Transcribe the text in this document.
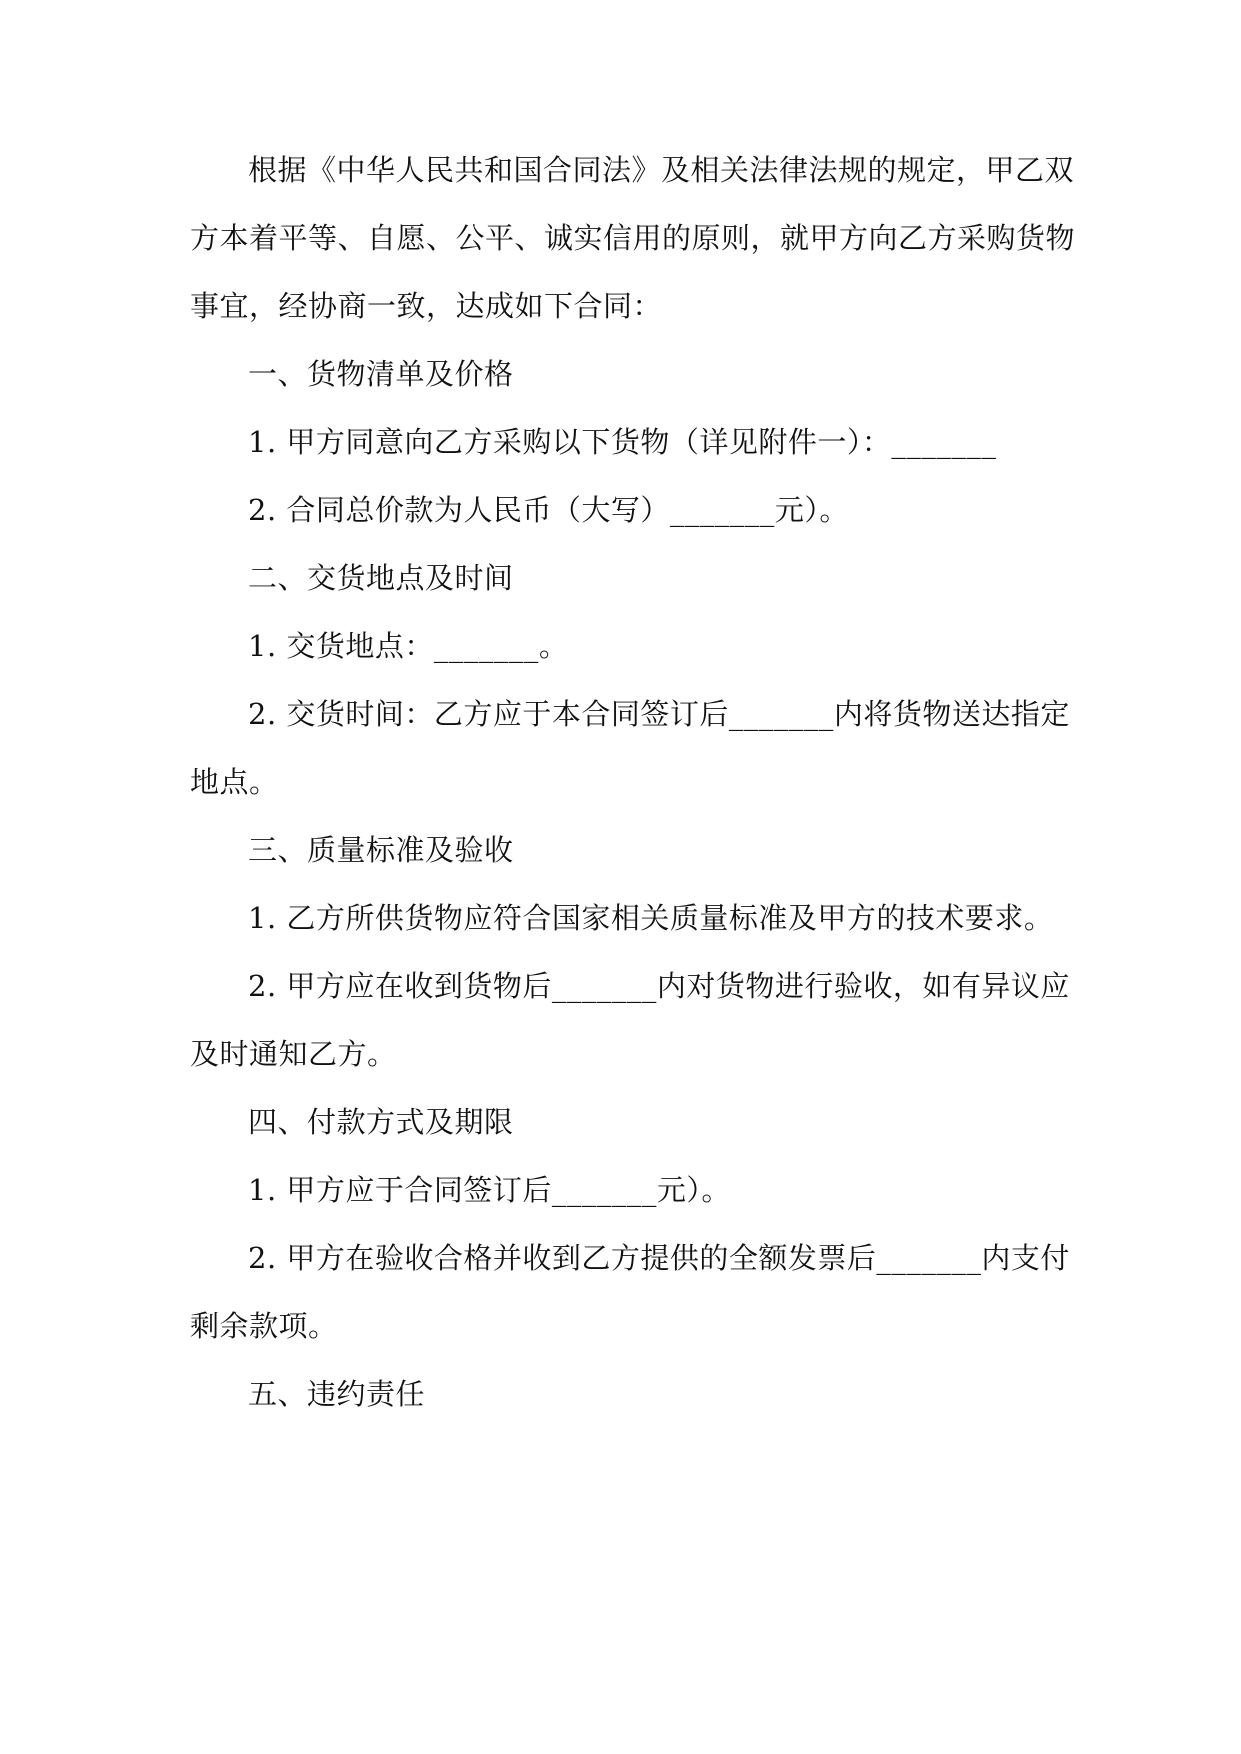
根据《中华人民共和国合同法》及相关法律法规的规定，甲乙双
方本着平等、自愿、公平、诚实信用的原则，就甲方向乙方采购货物
事宜，经协商一致，达成如下合同：
一、货物清单及价格
1. 甲方同意向乙方采购以下货物（详见附件一）：_______
2. 合同总价款为人民币（大写）_______元）。
二、交货地点及时间
1. 交货地点：_______。
2. 交货时间：乙方应于本合同签订后_______内将货物送达指定
地点。
三、质量标准及验收
1. 乙方所供货物应符合国家相关质量标准及甲方的技术要求。
2. 甲方应在收到货物后_______内对货物进行验收，如有异议应
及时通知乙方。
四、付款方式及期限
1. 甲方应于合同签订后_______元）。
2. 甲方在验收合格并收到乙方提供的全额发票后_______内支付
剩余款项。
五、违约责任
